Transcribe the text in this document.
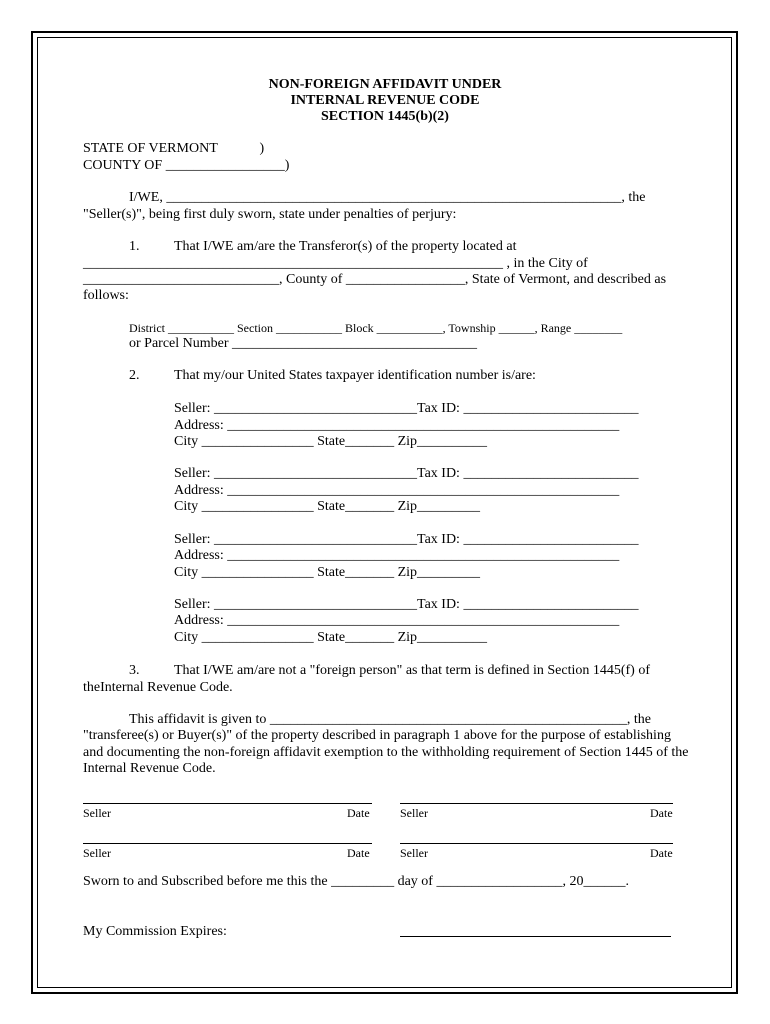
NON-FOREIGN AFFIDAVIT UNDER
INTERNAL REVENUE CODE
SECTION 1445(b)(2)
STATE OF VERMONT            )
COUNTY OF _________________)
I/WE, _________________________________________________________________, the
"Seller(s)", being first duly sworn, state under penalties of perjury:
1. That I/WE am/are the Transferor(s) of the property located at
____________________________________________________________ , in the City of
____________________________, County of _________________, State of Vermont, and described as
follows:
District ___________ Section ___________ Block ___________, Township ______, Range ________
or Parcel Number ___________________________________
2. That my/our United States taxpayer identification number is/are:
Seller: _____________________________ Tax ID: _________________________
Address: ________________________________________________________
City ________________ State_______ Zip__________
Seller: _____________________________ Tax ID: _________________________
Address: ________________________________________________________
City ________________ State_______ Zip_________
Seller: _____________________________ Tax ID: _________________________
Address: ________________________________________________________
City ________________ State_______ Zip_________
Seller: _____________________________ Tax ID: _________________________
Address: ________________________________________________________
City ________________ State_______ Zip__________
3. That I/WE am/are not a "foreign person" as that term is defined in Section 1445(f) of
theInternal Revenue Code.
This affidavit is given to ___________________________________________________, the
"transferee(s) or Buyer(s)" of the property described in paragraph 1 above for the purpose of establishing
and documenting the non-foreign affidavit exemption to the withholding requirement of Section 1445 of the
Internal Revenue Code.
Seller	Date	Seller	Date
Seller	Date	Seller	Date
Sworn to and Subscribed before me this the _________ day of __________________, 20______.
My Commission Expires:
